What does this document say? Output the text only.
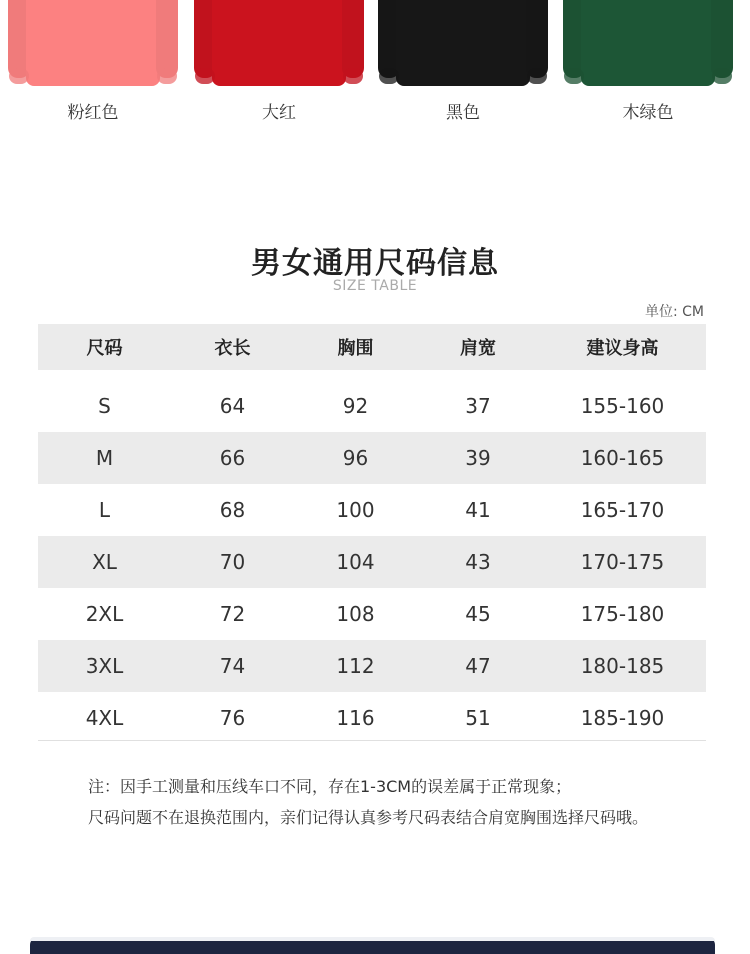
粉红色	大红	黑色	木绿色
男女通用尺码信息
SIZE TABLE
单位: CM
尺码	衣长	胸围	肩宽	建议身高
S	64	92	37	155-160
M	66	96	39	160-165
L	68	100	41	165-170
XL	70	104	43	170-175
2XL	72	108	45	175-180
3XL	74	112	47	180-185
4XL	76	116	51	185-190
注：因手工测量和压线车口不同，存在1-3CM的误差属于正常现象；
尺码问题不在退换范围内，亲们记得认真参考尺码表结合肩宽胸围选择尺码哦。
